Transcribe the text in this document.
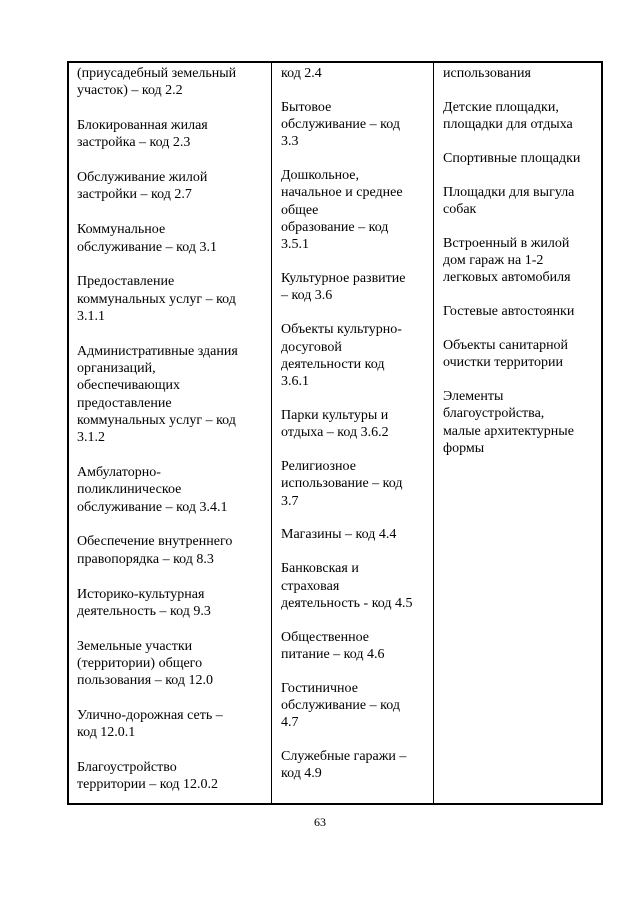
(приусадебный земельный
участок) – код 2.2

Блокированная жилая
застройка – код 2.3

Обслуживание жилой
застройки – код 2.7

Коммунальное
обслуживание – код 3.1

Предоставление
коммунальных услуг – код
3.1.1

Административные здания
организаций,
обеспечивающих
предоставление
коммунальных услуг – код
3.1.2

Амбулаторно-
поликлиническое
обслуживание – код 3.4.1

Обеспечение внутреннего
правопорядка – код 8.3

Историко-культурная
деятельность – код 9.3

Земельные участки
(территории) общего
пользования – код 12.0

Улично-дорожная сеть –
код 12.0.1

Благоустройство
территории – код 12.0.2

код 2.4

Бытовое
обслуживание – код
3.3

Дошкольное,
начальное и среднее
общее
образование – код
3.5.1

Культурное развитие
– код 3.6

Объекты культурно-
досуговой
деятельности код
3.6.1

Парки культуры и
отдыха – код 3.6.2

Религиозное
использование – код
3.7

Магазины – код 4.4

Банковская и
страховая
деятельность - код 4.5

Общественное
питание – код 4.6

Гостиничное
обслуживание – код
4.7

Служебные гаражи –
код 4.9

использования

Детские площадки,
площадки для отдыха

Спортивные площадки

Площадки для выгула
собак

Встроенный в жилой
дом гараж на 1-2
легковых автомобиля

Гостевые автостоянки

Объекты санитарной
очистки территории

Элементы
благоустройства,
малые архитектурные
формы

63
